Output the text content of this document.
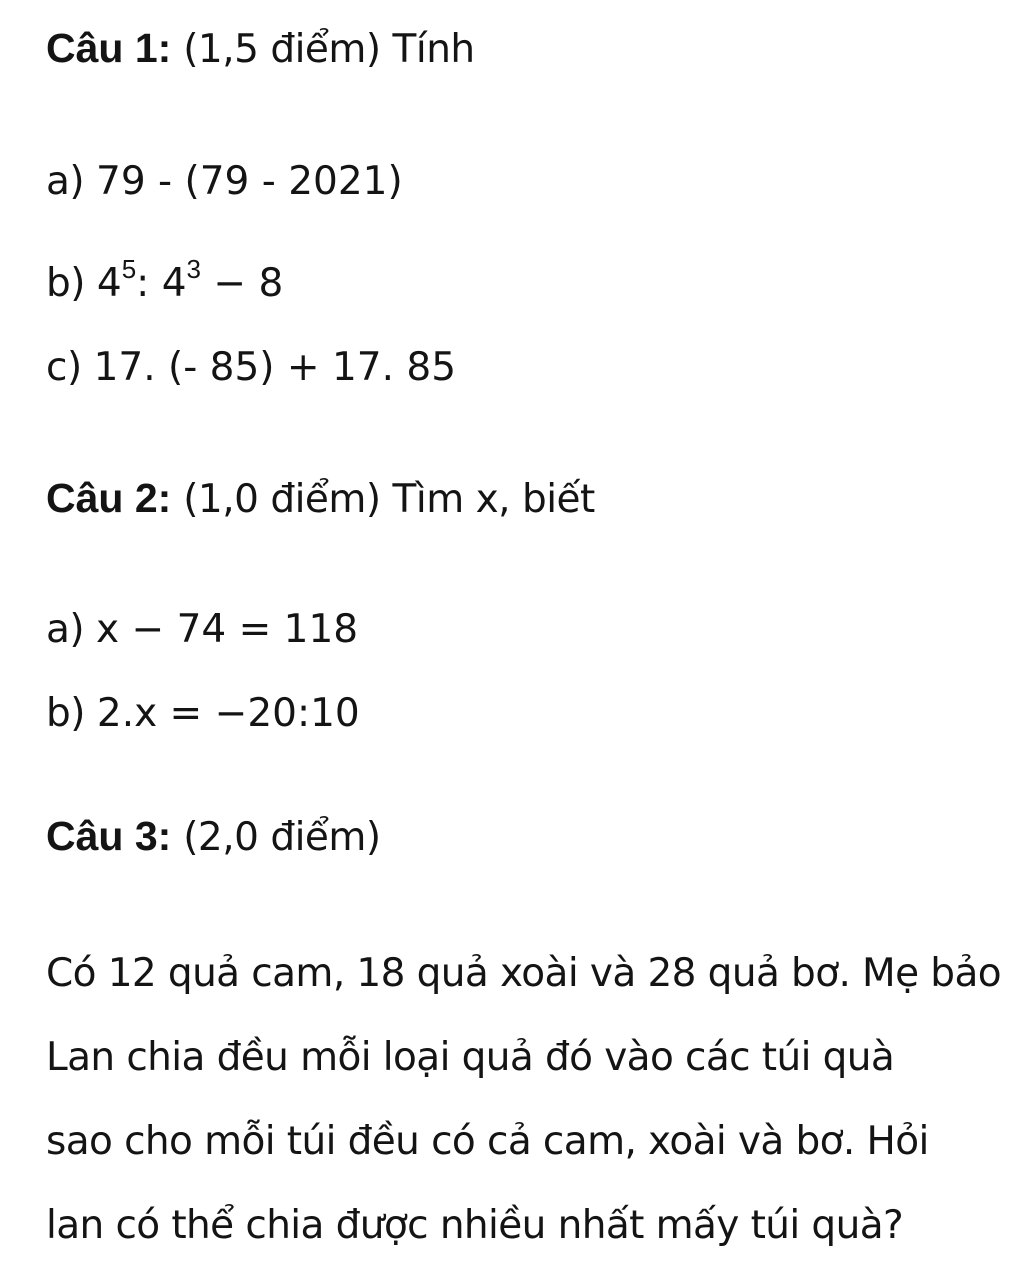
Câu 1: (1,5 điểm) Tính
a) 79 - (79 - 2021)
b) $4^5$: $4^3 - 8$
c) 17. (- 85) + 17. 85
Câu 2: (1,0 điểm) Tìm x, biết
a) x − 74 = 118
b) 2.x = −20:10
Câu 3: (2,0 điểm)
Có 12 quả cam, 18 quả xoài và 28 quả bơ. Mẹ bảo
Lan chia đều mỗi loại quả đó vào các túi quà
sao cho mỗi túi đều có cả cam, xoài và bơ. Hỏi
lan có thể chia được nhiều nhất mấy túi quà?
